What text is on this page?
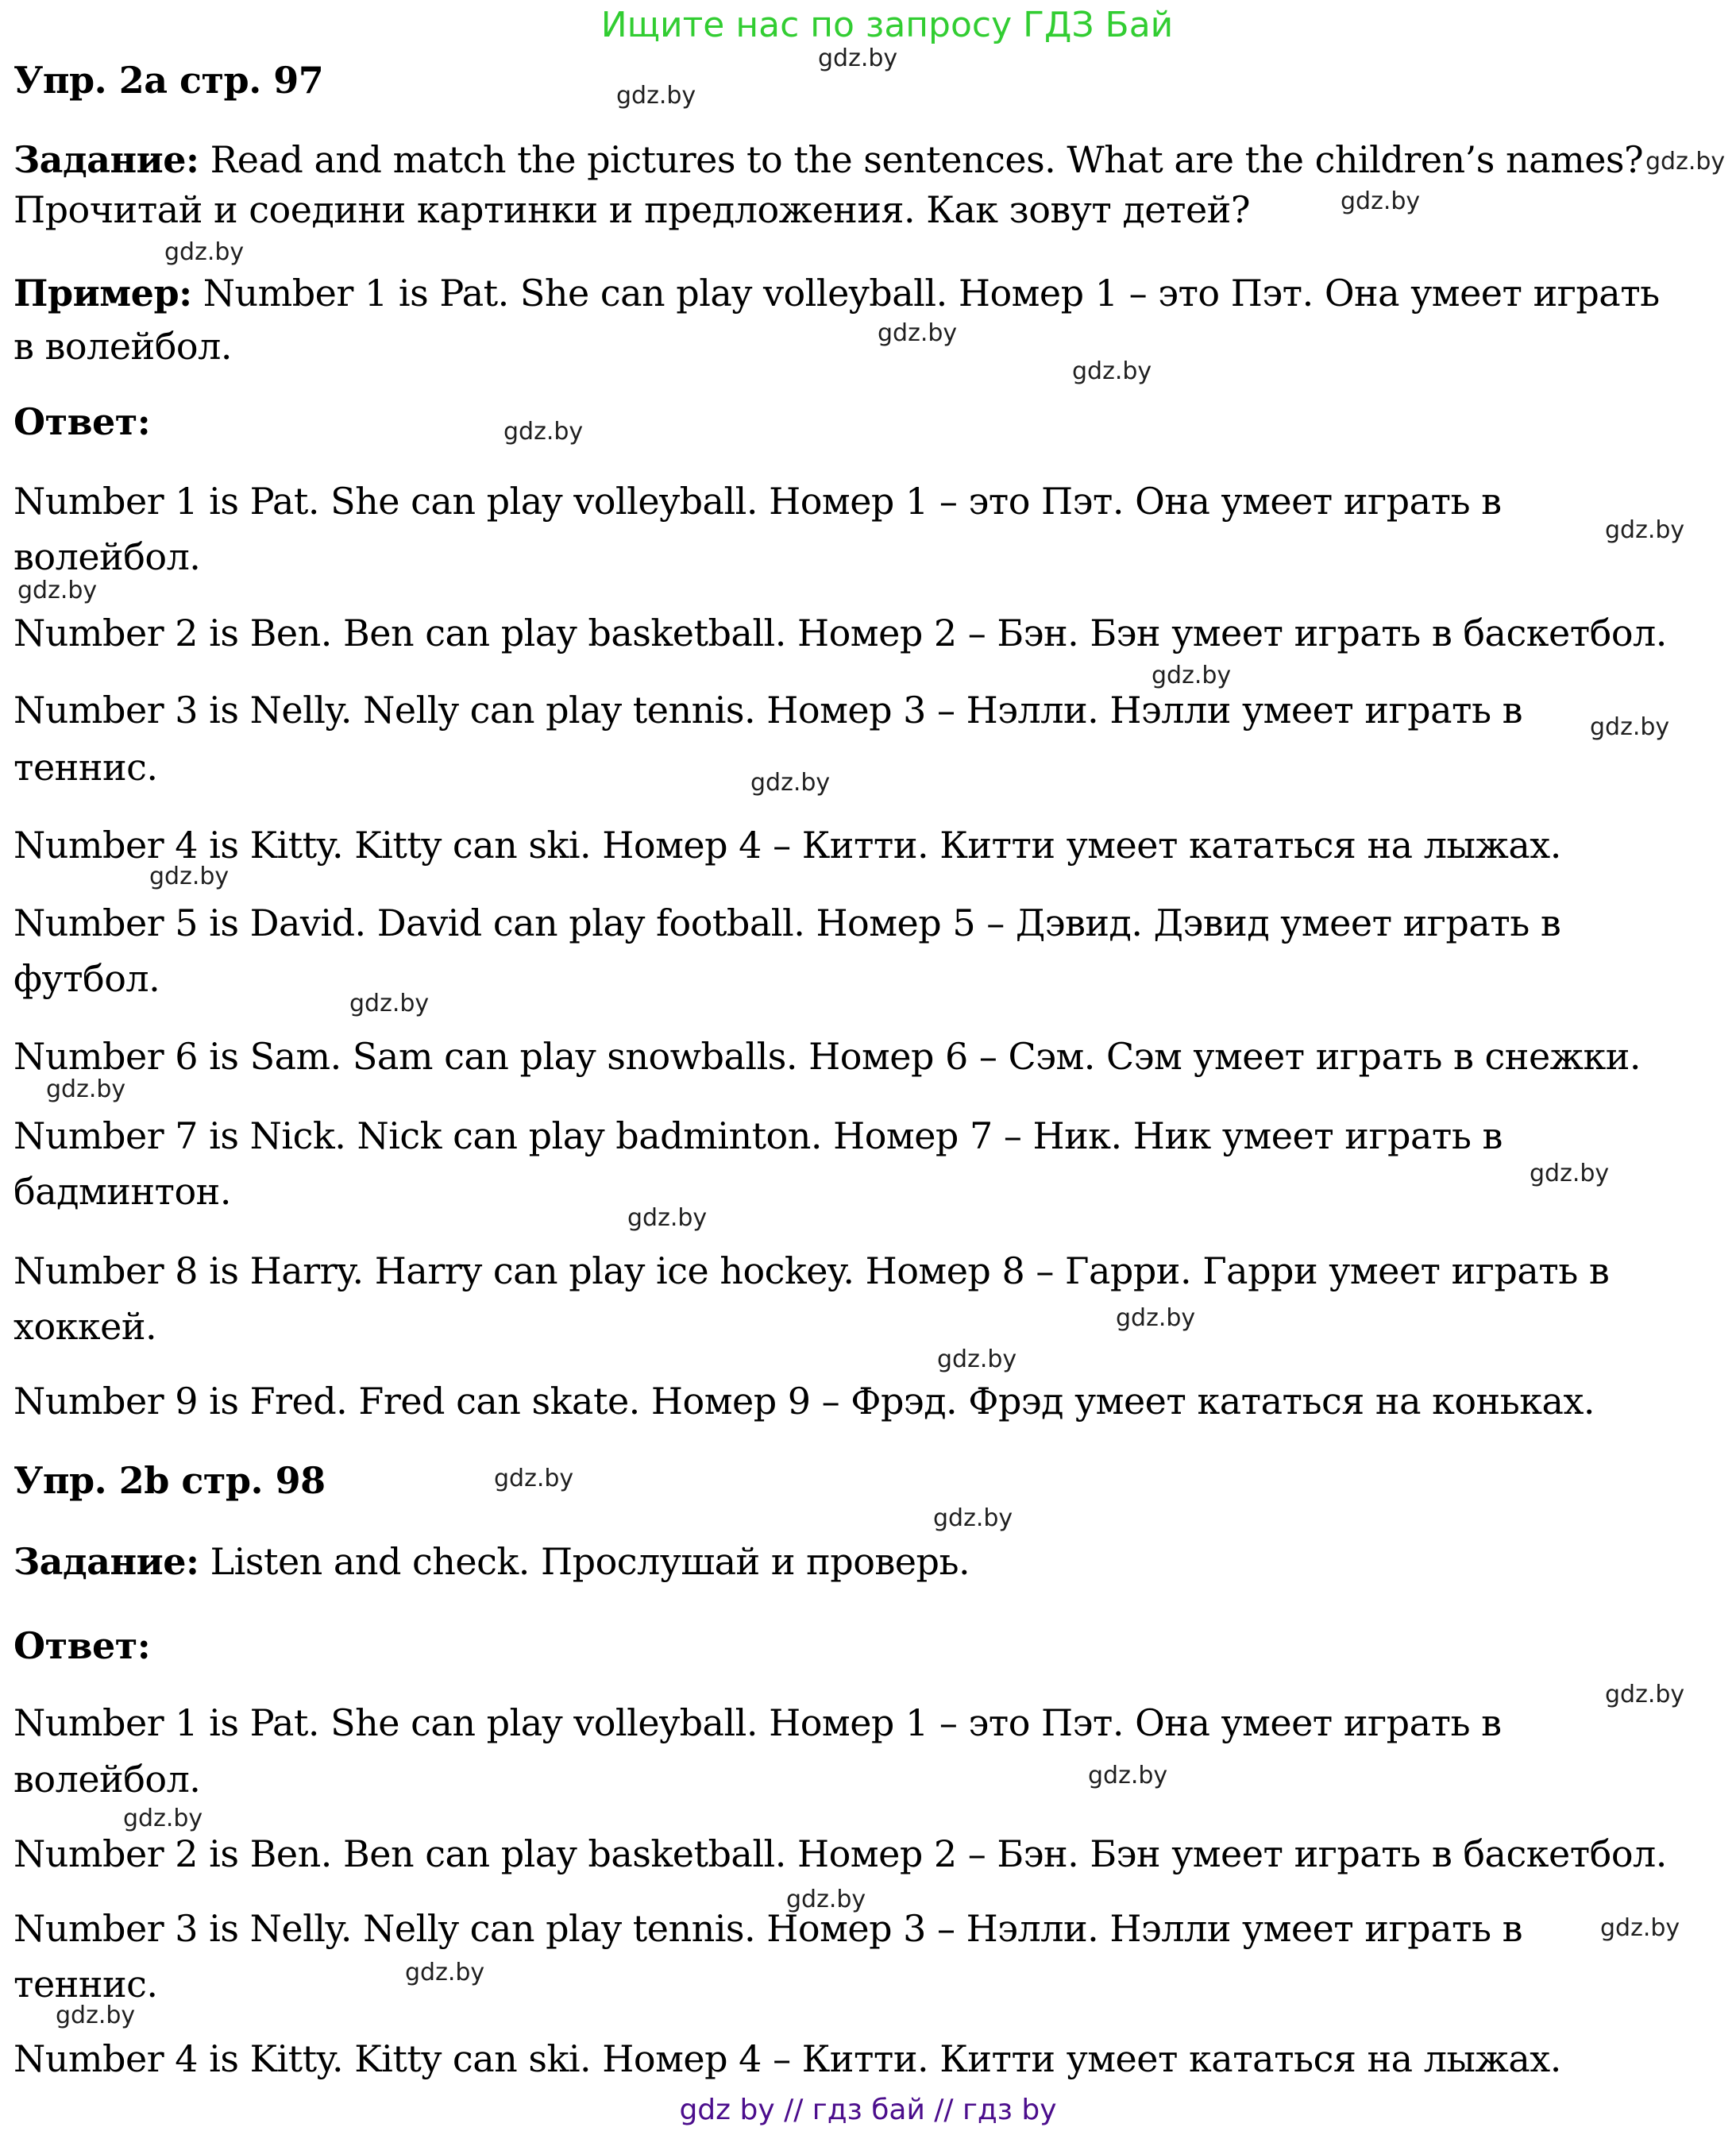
Ищите нас по запросу ГДЗ Бай
Упр. 2а стр. 97
Задание: Read and match the pictures to the sentences. What are the children’s names?
Прочитай и соедини картинки и предложения. Как зовут детей?
Пример: Number 1 is Pat. She can play volleyball. Номер 1 – это Пэт. Она умеет играть
в волейбол.
Ответ:
Number 1 is Pat. She can play volleyball. Номер 1 – это Пэт. Она умеет играть в
волейбол.
Number 2 is Ben. Ben can play basketball. Номер 2 – Бэн. Бэн умеет играть в баскетбол.
Number 3 is Nelly. Nelly can play tennis. Номер 3 – Нэлли. Нэлли умеет играть в
теннис.
Number 4 is Kitty. Kitty can ski. Номер 4 – Китти. Китти умеет кататься на лыжах.
Number 5 is David. David can play football. Номер 5 – Дэвид. Дэвид умеет играть в
футбол.
Number 6 is Sam. Sam can play snowballs. Номер 6 – Сэм. Сэм умеет играть в снежки.
Number 7 is Nick. Nick can play badminton. Номер 7 – Ник. Ник умеет играть в
бадминтон.
Number 8 is Harry. Harry can play ice hockey. Номер 8 – Гарри. Гарри умеет играть в
хоккей.
Number 9 is Fred. Fred can skate. Номер 9 – Фрэд. Фрэд умеет кататься на коньках.
Упр. 2b стр. 98
Задание: Listen and check. Прослушай и проверь.
Ответ:
Number 1 is Pat. She can play volleyball. Номер 1 – это Пэт. Она умеет играть в
волейбол.
Number 2 is Ben. Ben can play basketball. Номер 2 – Бэн. Бэн умеет играть в баскетбол.
Number 3 is Nelly. Nelly can play tennis. Номер 3 – Нэлли. Нэлли умеет играть в
теннис.
Number 4 is Kitty. Kitty can ski. Номер 4 – Китти. Китти умеет кататься на лыжах.
gdz.by
gdz.by
gdz.by
gdz.by
gdz.by
gdz.by
gdz.by
gdz.by
gdz.by
gdz.by
gdz.by
gdz.by
gdz.by
gdz.by
gdz.by
gdz.by
gdz.by
gdz.by
gdz.by
gdz.by
gdz.by
gdz.by
gdz.by
gdz.by
gdz.by
gdz.by
gdz.by
gdz.by
gdz.by
gdz by // гдз бай // гдз by
